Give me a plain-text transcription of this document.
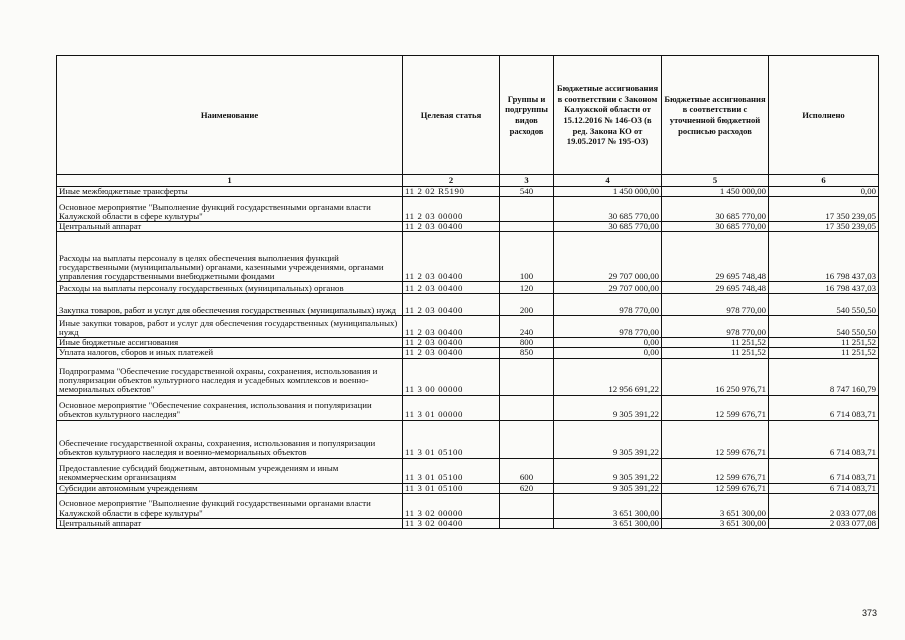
Наименование	Целевая статья	Группы и подгруппы видов расходов	Бюджетные ассигнования в соответствии с Законом Калужской области от 15.12.2016 № 146-ОЗ (в ред. Закона КО от 19.05.2017 № 195-ОЗ)	Бюджетные ассигнования в соответствии с уточненной бюджетной росписью расходов	Исполнено
1	2	3	4	5	6
Иные межбюджетные трансферты	11 2 02 R5190	540	1 450 000,00	1 450 000,00	0,00
Основное мероприятие "Выполнение функций государственными органами власти Калужской области в сфере культуры"	11 2 03 00000		30 685 770,00	30 685 770,00	17 350 239,05
Центральный аппарат	11 2 03 00400		30 685 770,00	30 685 770,00	17 350 239,05
Расходы на выплаты персоналу в целях обеспечения выполнения функций государственными (муниципальными) органами, казенными учреждениями, органами управления государственными внебюджетными фондами	11 2 03 00400	100	29 707 000,00	29 695 748,48	16 798 437,03
Расходы на выплаты персоналу государственных (муниципальных) органов	11 2 03 00400	120	29 707 000,00	29 695 748,48	16 798 437,03
Закупка товаров, работ и услуг для обеспечения государственных (муниципальных) нужд	11 2 03 00400	200	978 770,00	978 770,00	540 550,50
Иные закупки товаров, работ и услуг для обеспечения государственных (муниципальных) нужд	11 2 03 00400	240	978 770,00	978 770,00	540 550,50
Иные бюджетные ассигнования	11 2 03 00400	800	0,00	11 251,52	11 251,52
Уплата налогов, сборов и иных платежей	11 2 03 00400	850	0,00	11 251,52	11 251,52
Подпрограмма "Обеспечение государственной охраны, сохранения, использования и популяризации объектов культурного наследия и усадебных комплексов и военно-мемориальных объектов"	11 3 00 00000		12 956 691,22	16 250 976,71	8 747 160,79
Основное мероприятие "Обеспечение сохранения, использования и популяризации объектов культурного наследия"	11 3 01 00000		9 305 391,22	12 599 676,71	6 714 083,71
Обеспечение государственной охраны, сохранения, использования и популяризации объектов культурного наследия и военно-мемориальных объектов	11 3 01 05100		9 305 391,22	12 599 676,71	6 714 083,71
Предоставление субсидий бюджетным, автономным учреждениям и иным некоммерческим организациям	11 3 01 05100	600	9 305 391,22	12 599 676,71	6 714 083,71
Субсидии автономным учреждениям	11 3 01 05100	620	9 305 391,22	12 599 676,71	6 714 083,71
Основное мероприятие "Выполнение функций государственными органами власти Калужской области в сфере культуры"	11 3 02 00000		3 651 300,00	3 651 300,00	2 033 077,08
Центральный аппарат	11 3 02 00400		3 651 300,00	3 651 300,00	2 033 077,08
373
